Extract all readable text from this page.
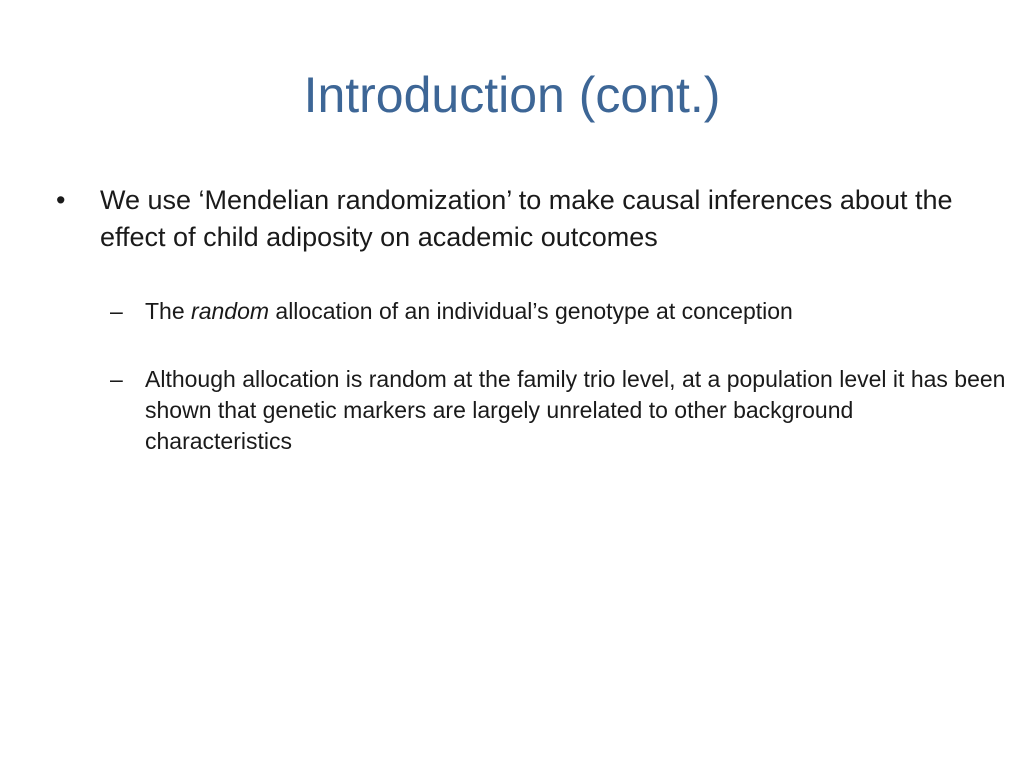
Introduction (cont.)
•	We use ‘Mendelian randomization’ to make causal inferences about the effect of child adiposity on academic outcomes
– The random allocation of an individual’s genotype at conception
– Although allocation is random at the family trio level, at a population level it has been shown that genetic markers are largely unrelated to other background characteristics
